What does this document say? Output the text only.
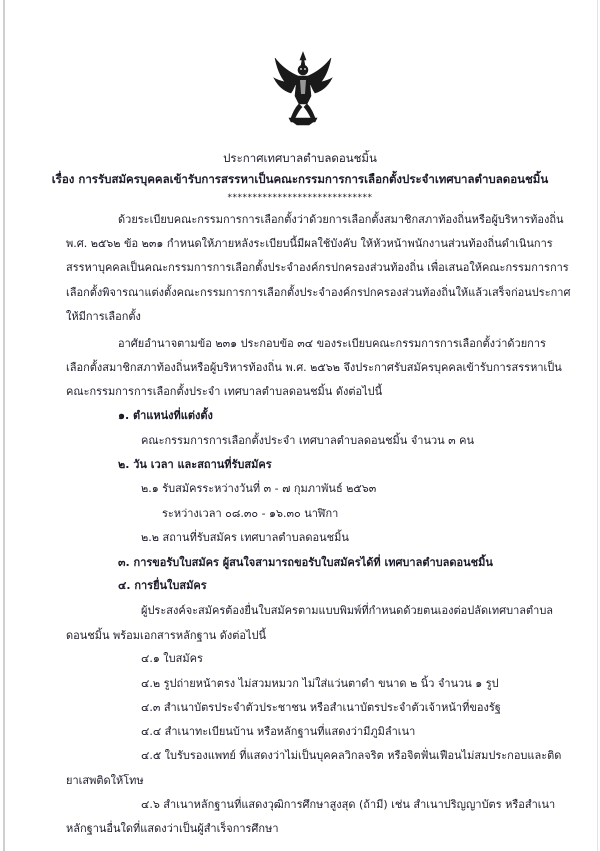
ประกาศเทศบาลตำบลดอนชมิ้น
เรื่อง การรับสมัครบุคคลเข้ารับการสรรหาเป็นคณะกรรมการการเลือกตั้งประจำเทศบาลตำบลดอนชมิ้น
*****************************
ด้วยระเบียบคณะกรรมการการเลือกตั้งว่าด้วยการเลือกตั้งสมาชิกสภาท้องถิ่นหรือผู้บริหารท้องถิ่น
พ.ศ. ๒๕๖๒ ข้อ ๒๓๑ กำหนดให้ภายหลังระเบียบนี้มีผลใช้บังคับ ให้หัวหน้าพนักงานส่วนท้องถิ่นดำเนินการ
สรรหาบุคคลเป็นคณะกรรมการการเลือกตั้งประจำองค์กรปกครองส่วนท้องถิ่น เพื่อเสนอให้คณะกรรมการการ
เลือกตั้งพิจารณาแต่งตั้งคณะกรรมการการเลือกตั้งประจำองค์กรปกครองส่วนท้องถิ่นให้แล้วเสร็จก่อนประกาศ
ให้มีการเลือกตั้ง
อาศัยอำนาจตามข้อ ๒๓๑ ประกอบข้อ ๓๔ ของระเบียบคณะกรรมการการเลือกตั้งว่าด้วยการ
เลือกตั้งสมาชิกสภาท้องถิ่นหรือผู้บริหารท้องถิ่น พ.ศ. ๒๕๖๒ จึงประกาศรับสมัครบุคคลเข้ารับการสรรหาเป็น
คณะกรรมการการเลือกตั้งประจำ เทศบาลตำบลดอนชมิ้น ดังต่อไปนี้
๑. ตำแหน่งที่แต่งตั้ง
คณะกรรมการการเลือกตั้งประจำ เทศบาลตำบลดอนชมิ้น จำนวน ๓ คน
๒. วัน เวลา และสถานที่รับสมัคร
๒.๑ รับสมัครระหว่างวันที่ ๓ - ๗ กุมภาพันธ์ ๒๕๖๓
ระหว่างเวลา ๐๘.๓๐ - ๑๖.๓๐ นาฬิกา
๒.๒ สถานที่รับสมัคร เทศบาลตำบลดอนชมิ้น
๓. การขอรับใบสมัคร ผู้สนใจสามารถขอรับใบสมัครได้ที่ เทศบาลตำบลดอนชมิ้น
๔. การยื่นใบสมัคร
ผู้ประสงค์จะสมัครต้องยื่นใบสมัครตามแบบพิมพ์ที่กำหนดด้วยตนเองต่อปลัดเทศบาลตำบล
ดอนชมิ้น พร้อมเอกสารหลักฐาน ดังต่อไปนี้
๔.๑ ใบสมัคร
๔.๒ รูปถ่ายหน้าตรง ไม่สวมหมวก ไม่ใส่แว่นตาดำ ขนาด ๒ นิ้ว จำนวน ๑ รูป
๔.๓ สำเนาบัตรประจำตัวประชาชน หรือสำเนาบัตรประจำตัวเจ้าหน้าที่ของรัฐ
๔.๔ สำเนาทะเบียนบ้าน หรือหลักฐานที่แสดงว่ามีภูมิลำเนา
๔.๕ ใบรับรองแพทย์ ที่แสดงว่าไม่เป็นบุคคลวิกลจริต หรือจิตฟั่นเฟือนไม่สมประกอบและติด
ยาเสพติดให้โทษ
๔.๖ สำเนาหลักฐานที่แสดงวุฒิการศึกษาสูงสุด (ถ้ามี) เช่น สำเนาปริญญาบัตร หรือสำเนา
หลักฐานอื่นใดที่แสดงว่าเป็นผู้สำเร็จการศึกษา
